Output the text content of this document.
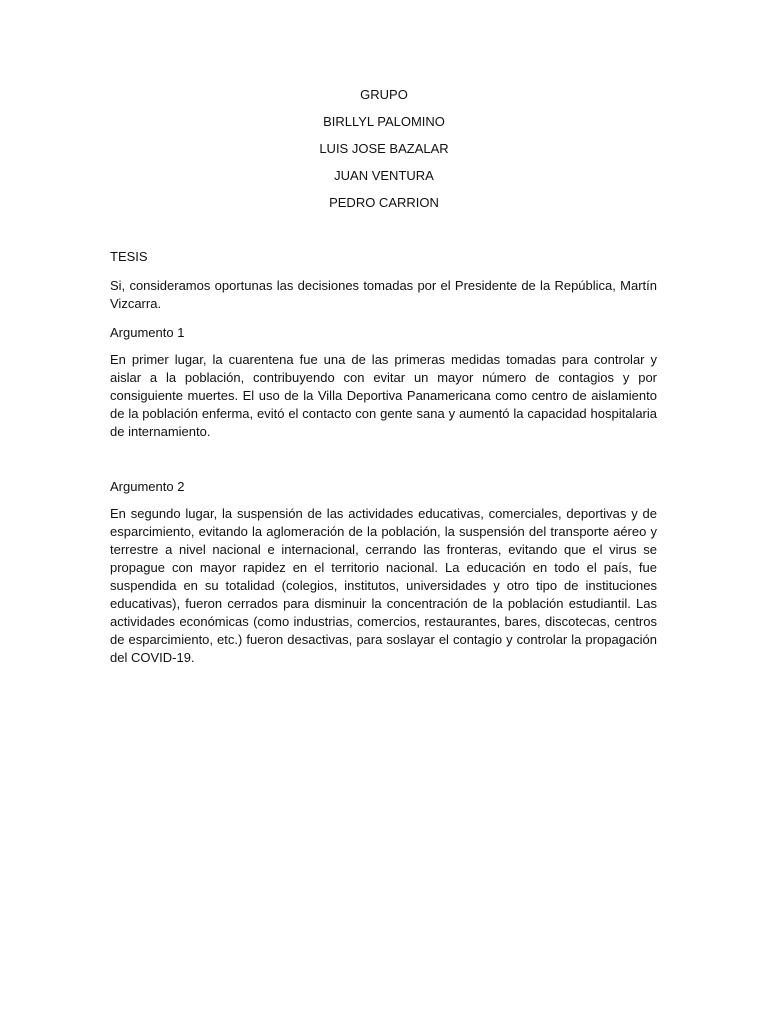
GRUPO
BIRLLYL PALOMINO
LUIS JOSE BAZALAR
JUAN VENTURA
PEDRO CARRION

TESIS

Si, consideramos oportunas las decisiones tomadas por el Presidente de la República, Martín Vizcarra.

Argumento 1

En primer lugar, la cuarentena fue una de las primeras medidas tomadas para controlar y aislar a la población, contribuyendo con evitar un mayor número de contagios y por consiguiente muertes. El uso de la Villa Deportiva Panamericana como centro de aislamiento de la población enferma, evitó el contacto con gente sana y aumentó la capacidad hospitalaria de internamiento.

Argumento 2

En segundo lugar, la suspensión de las actividades educativas, comerciales, deportivas y de esparcimiento, evitando la aglomeración de la población, la suspensión del transporte aéreo y terrestre a nivel nacional e internacional, cerrando las fronteras, evitando que el virus se propague con mayor rapidez en el territorio nacional. La educación en todo el país, fue suspendida en su totalidad (colegios, institutos, universidades y otro tipo de instituciones educativas), fueron cerrados para disminuir la concentración de la población estudiantil. Las actividades económicas (como industrias, comercios, restaurantes, bares, discotecas, centros de esparcimiento, etc.) fueron desactivas, para soslayar el contagio y controlar la propagación del COVID-19.
